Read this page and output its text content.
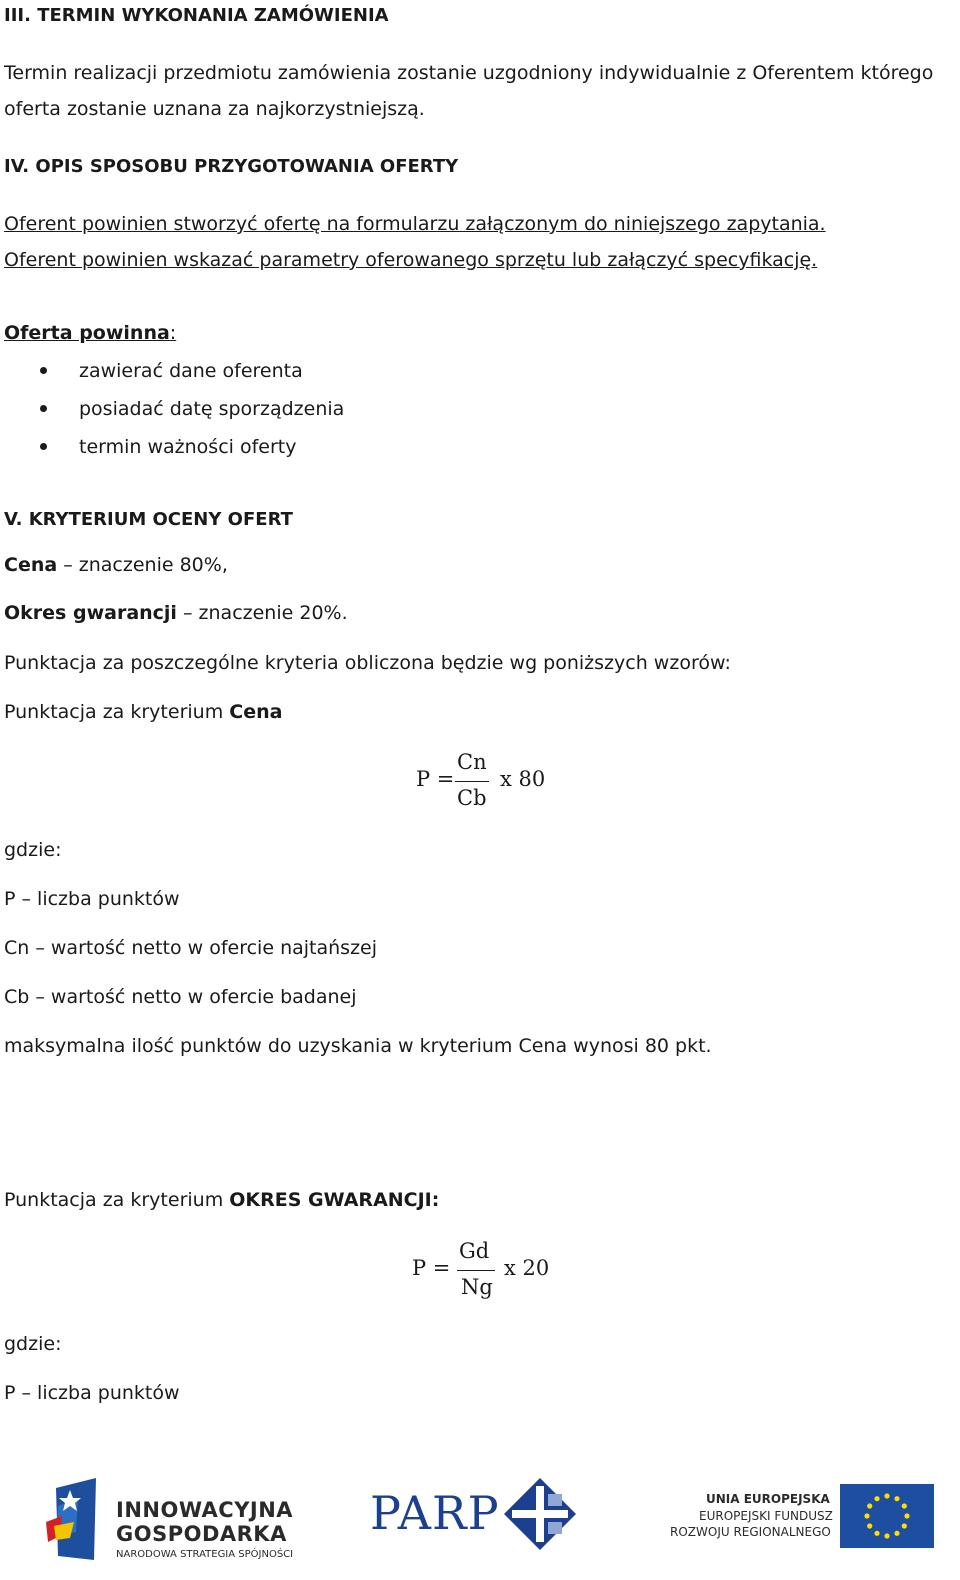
III. TERMIN WYKONANIA ZAMÓWIENIA
Termin realizacji przedmiotu zamówienia zostanie uzgodniony indywidualnie z Oferentem którego
oferta zostanie uznana za najkorzystniejszą.
IV. OPIS SPOSOBU PRZYGOTOWANIA OFERTY
Oferent powinien stworzyć ofertę na formularzu załączonym do niniejszego zapytania.
Oferent powinien wskazać parametry oferowanego sprzętu lub załączyć specyfikację.
Oferta powinna:
zawierać dane oferenta
posiadać datę sporządzenia
termin ważności oferty
V. KRYTERIUM OCENY OFERT
Cena – znaczenie 80%,
Okres gwarancji – znaczenie 20%.
Punktacja za poszczególne kryteria obliczona będzie wg poniższych wzorów:
Punktacja za kryterium Cena
P =
Cn
Cb
x 80
gdzie:
P – liczba punktów
Cn – wartość netto w ofercie najtańszej
Cb – wartość netto w ofercie badanej
maksymalna ilość punktów do uzyskania w kryterium Cena wynosi 80 pkt.
Punktacja za kryterium OKRES GWARANCJI:
P =
Gd
Ng
x 20
gdzie:
P – liczba punktów
INNOWACYJNA
GOSPODARKA
NARODOWA STRATEGIA SPÓJNOŚCI
PARP	UNIA EUROPEJSKA
EUROPEJSKI FUNDUSZ
ROZWOJU REGIONALNEGO
